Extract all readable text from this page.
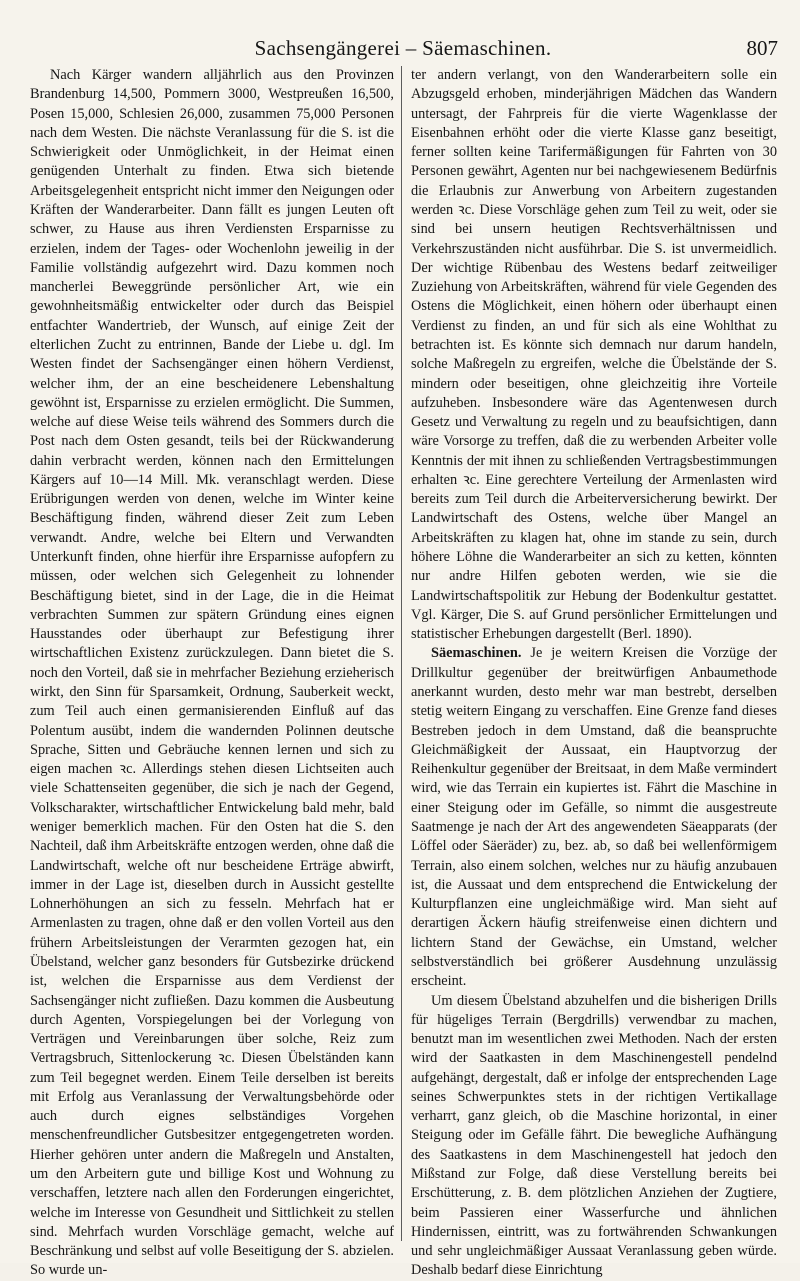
Sachsengängerei – Säemaschinen.	807

Nach Kärger wandern alljährlich aus den Provinzen Brandenburg 14,500, Pommern 3000, Westpreußen 16,500, Posen 15,000, Schlesien 26,000, zusammen 75,000 Personen nach dem Westen. Die nächste Veranlassung für die S. ist die Schwierigkeit oder Unmöglichkeit, in der Heimat einen genügenden Unterhalt zu finden. Etwa sich bietende Arbeitsgelegenheit entspricht nicht immer den Neigungen oder Kräften der Wanderarbeiter. Dann fällt es jungen Leuten oft schwer, zu Hause aus ihren Verdiensten Ersparnisse zu erzielen, indem der Tages- oder Wochenlohn jeweilig in der Familie vollständig aufgezehrt wird. Dazu kommen noch mancherlei Beweggründe persönlicher Art, wie ein gewohnheitsmäßig entwickelter oder durch das Beispiel entfachter Wandertrieb, der Wunsch, auf einige Zeit der elterlichen Zucht zu entrinnen, Bande der Liebe u. dgl. Im Westen findet der Sachsengänger einen höhern Verdienst, welcher ihm, der an eine bescheidenere Lebenshaltung gewöhnt ist, Ersparnisse zu erzielen ermöglicht. Die Summen, welche auf diese Weise teils während des Sommers durch die Post nach dem Osten gesandt, teils bei der Rückwanderung dahin verbracht werden, können nach den Ermittelungen Kärgers auf 10—14 Mill. Mk. veranschlagt werden. Diese Erübrigungen werden von denen, welche im Winter keine Beschäftigung finden, während dieser Zeit zum Leben verwandt. Andre, welche bei Eltern und Verwandten Unterkunft finden, ohne hierfür ihre Ersparnisse aufopfern zu müssen, oder welchen sich Gelegenheit zu lohnender Beschäftigung bietet, sind in der Lage, die in die Heimat verbrachten Summen zur spätern Gründung eines eignen Hausstandes oder überhaupt zur Befestigung ihrer wirtschaftlichen Existenz zurückzulegen. Dann bietet die S. noch den Vorteil, daß sie in mehrfacher Beziehung erzieherisch wirkt, den Sinn für Sparsamkeit, Ordnung, Sauberkeit weckt, zum Teil auch einen germanisierenden Einfluß auf das Polentum ausübt, indem die wandernden Polinnen deutsche Sprache, Sitten und Gebräuche kennen lernen und sich zu eigen machen ꝛc. Allerdings stehen diesen Lichtseiten auch viele Schattenseiten gegenüber, die sich je nach der Gegend, Volkscharakter, wirtschaftlicher Entwickelung bald mehr, bald weniger bemerklich machen. Für den Osten hat die S. den Nachteil, daß ihm Arbeitskräfte entzogen werden, ohne daß die Landwirtschaft, welche oft nur bescheidene Erträge abwirft, immer in der Lage ist, dieselben durch in Aussicht gestellte Lohnerhöhungen an sich zu fesseln. Mehrfach hat er Armenlasten zu tragen, ohne daß er den vollen Vorteil aus den frühern Arbeitsleistungen der Verarmten gezogen hat, ein Übelstand, welcher ganz besonders für Gutsbezirke drückend ist, welchen die Ersparnisse aus dem Verdienst der Sachsengänger nicht zufließen. Dazu kommen die Ausbeutung durch Agenten, Vorspiegelungen bei der Vorlegung von Verträgen und Vereinbarungen über solche, Reiz zum Vertragsbruch, Sittenlockerung ꝛc. Diesen Übelständen kann zum Teil begegnet werden. Einem Teile derselben ist bereits mit Erfolg aus Veranlassung der Verwaltungsbehörde oder auch durch eignes selbständiges Vorgehen menschenfreundlicher Gutsbesitzer entgegengetreten worden. Hierher gehören unter andern die Maßregeln und Anstalten, um den Arbeitern gute und billige Kost und Wohnung zu verschaffen, letztere nach allen den Forderungen eingerichtet, welche im Interesse von Gesundheit und Sittlichkeit zu stellen sind. Mehrfach wurden Vorschläge gemacht, welche auf Beschränkung und selbst auf volle Beseitigung der S. abzielen. So wurde un-

ter andern verlangt, von den Wanderarbeitern solle ein Abzugsgeld erhoben, minderjährigen Mädchen das Wandern untersagt, der Fahrpreis für die vierte Wagenklasse der Eisenbahnen erhöht oder die vierte Klasse ganz beseitigt, ferner sollten keine Tarifermäßigungen für Fahrten von 30 Personen gewährt, Agenten nur bei nachgewiesenem Bedürfnis die Erlaubnis zur Anwerbung von Arbeitern zugestanden werden ꝛc. Diese Vorschläge gehen zum Teil zu weit, oder sie sind bei unsern heutigen Rechtsverhältnissen und Verkehrszuständen nicht ausführbar. Die S. ist unvermeidlich. Der wichtige Rübenbau des Westens bedarf zeitweiliger Zuziehung von Arbeitskräften, während für viele Gegenden des Ostens die Möglichkeit, einen höhern oder überhaupt einen Verdienst zu finden, an und für sich als eine Wohlthat zu betrachten ist. Es könnte sich demnach nur darum handeln, solche Maßregeln zu ergreifen, welche die Übelstände der S. mindern oder beseitigen, ohne gleichzeitig ihre Vorteile aufzuheben. Insbesondere wäre das Agentenwesen durch Gesetz und Verwaltung zu regeln und zu beaufsichtigen, dann wäre Vorsorge zu treffen, daß die zu werbenden Arbeiter volle Kenntnis der mit ihnen zu schließenden Vertragsbestimmungen erhalten ꝛc. Eine gerechtere Verteilung der Armenlasten wird bereits zum Teil durch die Arbeiterversicherung bewirkt. Der Landwirtschaft des Ostens, welche über Mangel an Arbeitskräften zu klagen hat, ohne im stande zu sein, durch höhere Löhne die Wanderarbeiter an sich zu ketten, könnten nur andre Hilfen geboten werden, wie sie die Landwirtschaftspolitik zur Hebung der Bodenkultur gestattet. Vgl. Kärger, Die S. auf Grund persönlicher Ermittelungen und statistischer Erhebungen dargestellt (Berl. 1890).

Säemaschinen. Je je weitern Kreisen die Vorzüge der Drillkultur gegenüber der breitwürfigen Anbaumethode anerkannt wurden, desto mehr war man bestrebt, derselben stetig weitern Eingang zu verschaffen. Eine Grenze fand dieses Bestreben jedoch in dem Umstand, daß die beanspruchte Gleichmäßigkeit der Aussaat, ein Hauptvorzug der Reihenkultur gegenüber der Breitsaat, in dem Maße vermindert wird, wie das Terrain ein kupiertes ist. Fährt die Maschine in einer Steigung oder im Gefälle, so nimmt die ausgestreute Saatmenge je nach der Art des angewendeten Säeapparats (der Löffel oder Säeräder) zu, bez. ab, so daß bei wellenförmigem Terrain, also einem solchen, welches nur zu häufig anzubauen ist, die Aussaat und dem entsprechend die Entwickelung der Kulturpflanzen eine ungleichmäßige wird. Man sieht auf derartigen Äckern häufig streifenweise einen dichtern und lichtern Stand der Gewächse, ein Umstand, welcher selbstverständlich bei größerer Ausdehnung unzulässig erscheint.

Um diesem Übelstand abzuhelfen und die bisherigen Drills für hügeliges Terrain (Bergdrills) verwendbar zu machen, benutzt man im wesentlichen zwei Methoden. Nach der ersten wird der Saatkasten in dem Maschinengestell pendelnd aufgehängt, dergestalt, daß er infolge der entsprechenden Lage seines Schwerpunktes stets in der richtigen Vertikallage verharrt, ganz gleich, ob die Maschine horizontal, in einer Steigung oder im Gefälle fährt. Die bewegliche Aufhängung des Saatkastens in dem Maschinengestell hat jedoch den Mißstand zur Folge, daß diese Verstellung bereits bei Erschütterung, z. B. dem plötzlichen Anziehen der Zugtiere, beim Passieren einer Wasserfurche und ähnlichen Hindernissen, eintritt, was zu fortwährenden Schwankungen und sehr ungleichmäßiger Aussaat Veranlassung geben würde. Deshalb bedarf diese Einrichtung
